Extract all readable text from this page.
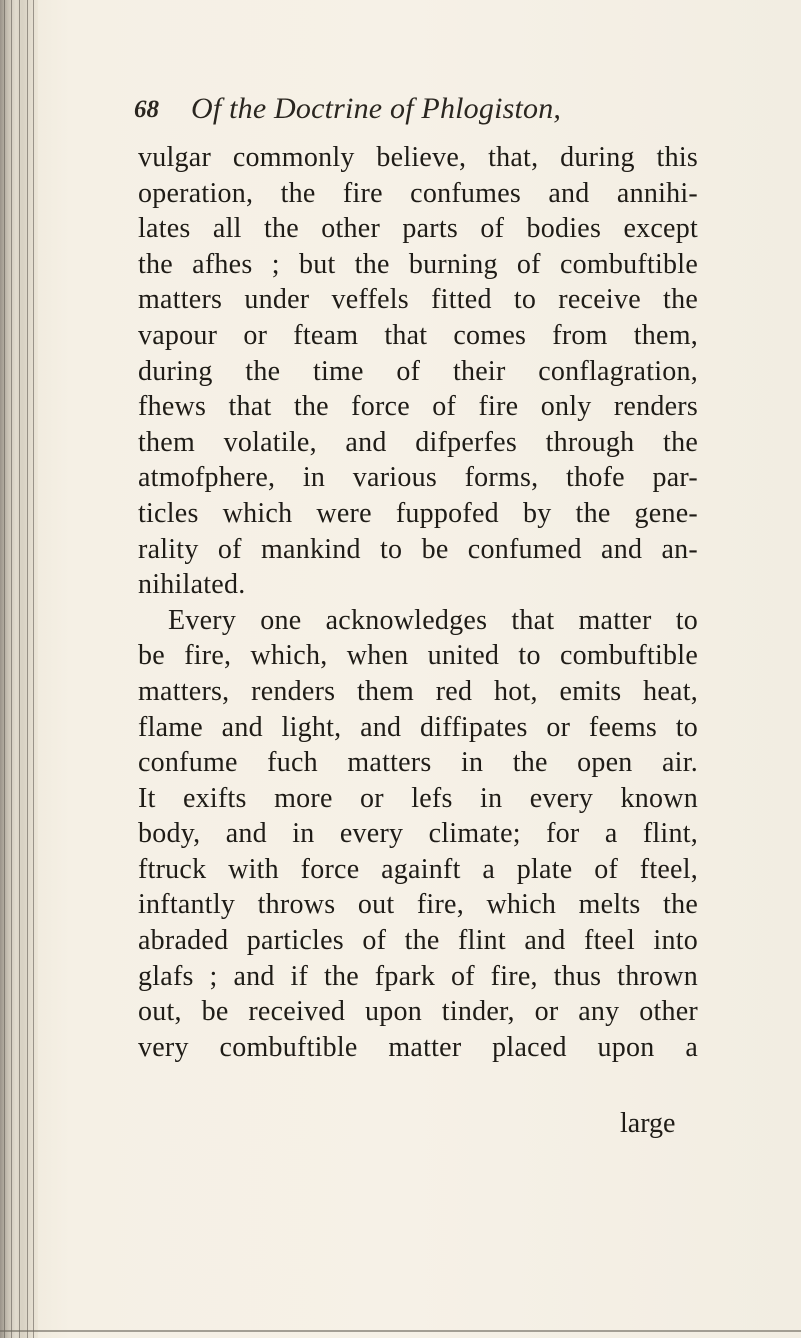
68 Of the Doctrine of Phlogiston,
vulgar commonly believe, that, during this
operation, the fire confumes and annihi-
lates all the other parts of bodies except
the afhes ; but the burning of combuftible
matters under veffels fitted to receive the
vapour or fteam that comes from them,
during the time of their conflagration,
fhews that the force of fire only renders
them volatile, and difperfes through the
atmofphere, in various forms, thofe par-
ticles which were fuppofed by the gene-
rality of mankind to be confumed and an-
nihilated.
Every one acknowledges that matter to
be fire, which, when united to combuftible
matters, renders them red hot, emits heat,
flame and light, and diffipates or feems to
confume fuch matters in the open air.
It exifts more or lefs in every known
body, and in every climate; for a flint,
ftruck with force againft a plate of fteel,
inftantly throws out fire, which melts the
abraded particles of the flint and fteel into
glafs ; and if the fpark of fire, thus thrown
out, be received upon tinder, or any other
very combuftible matter placed upon a
large
